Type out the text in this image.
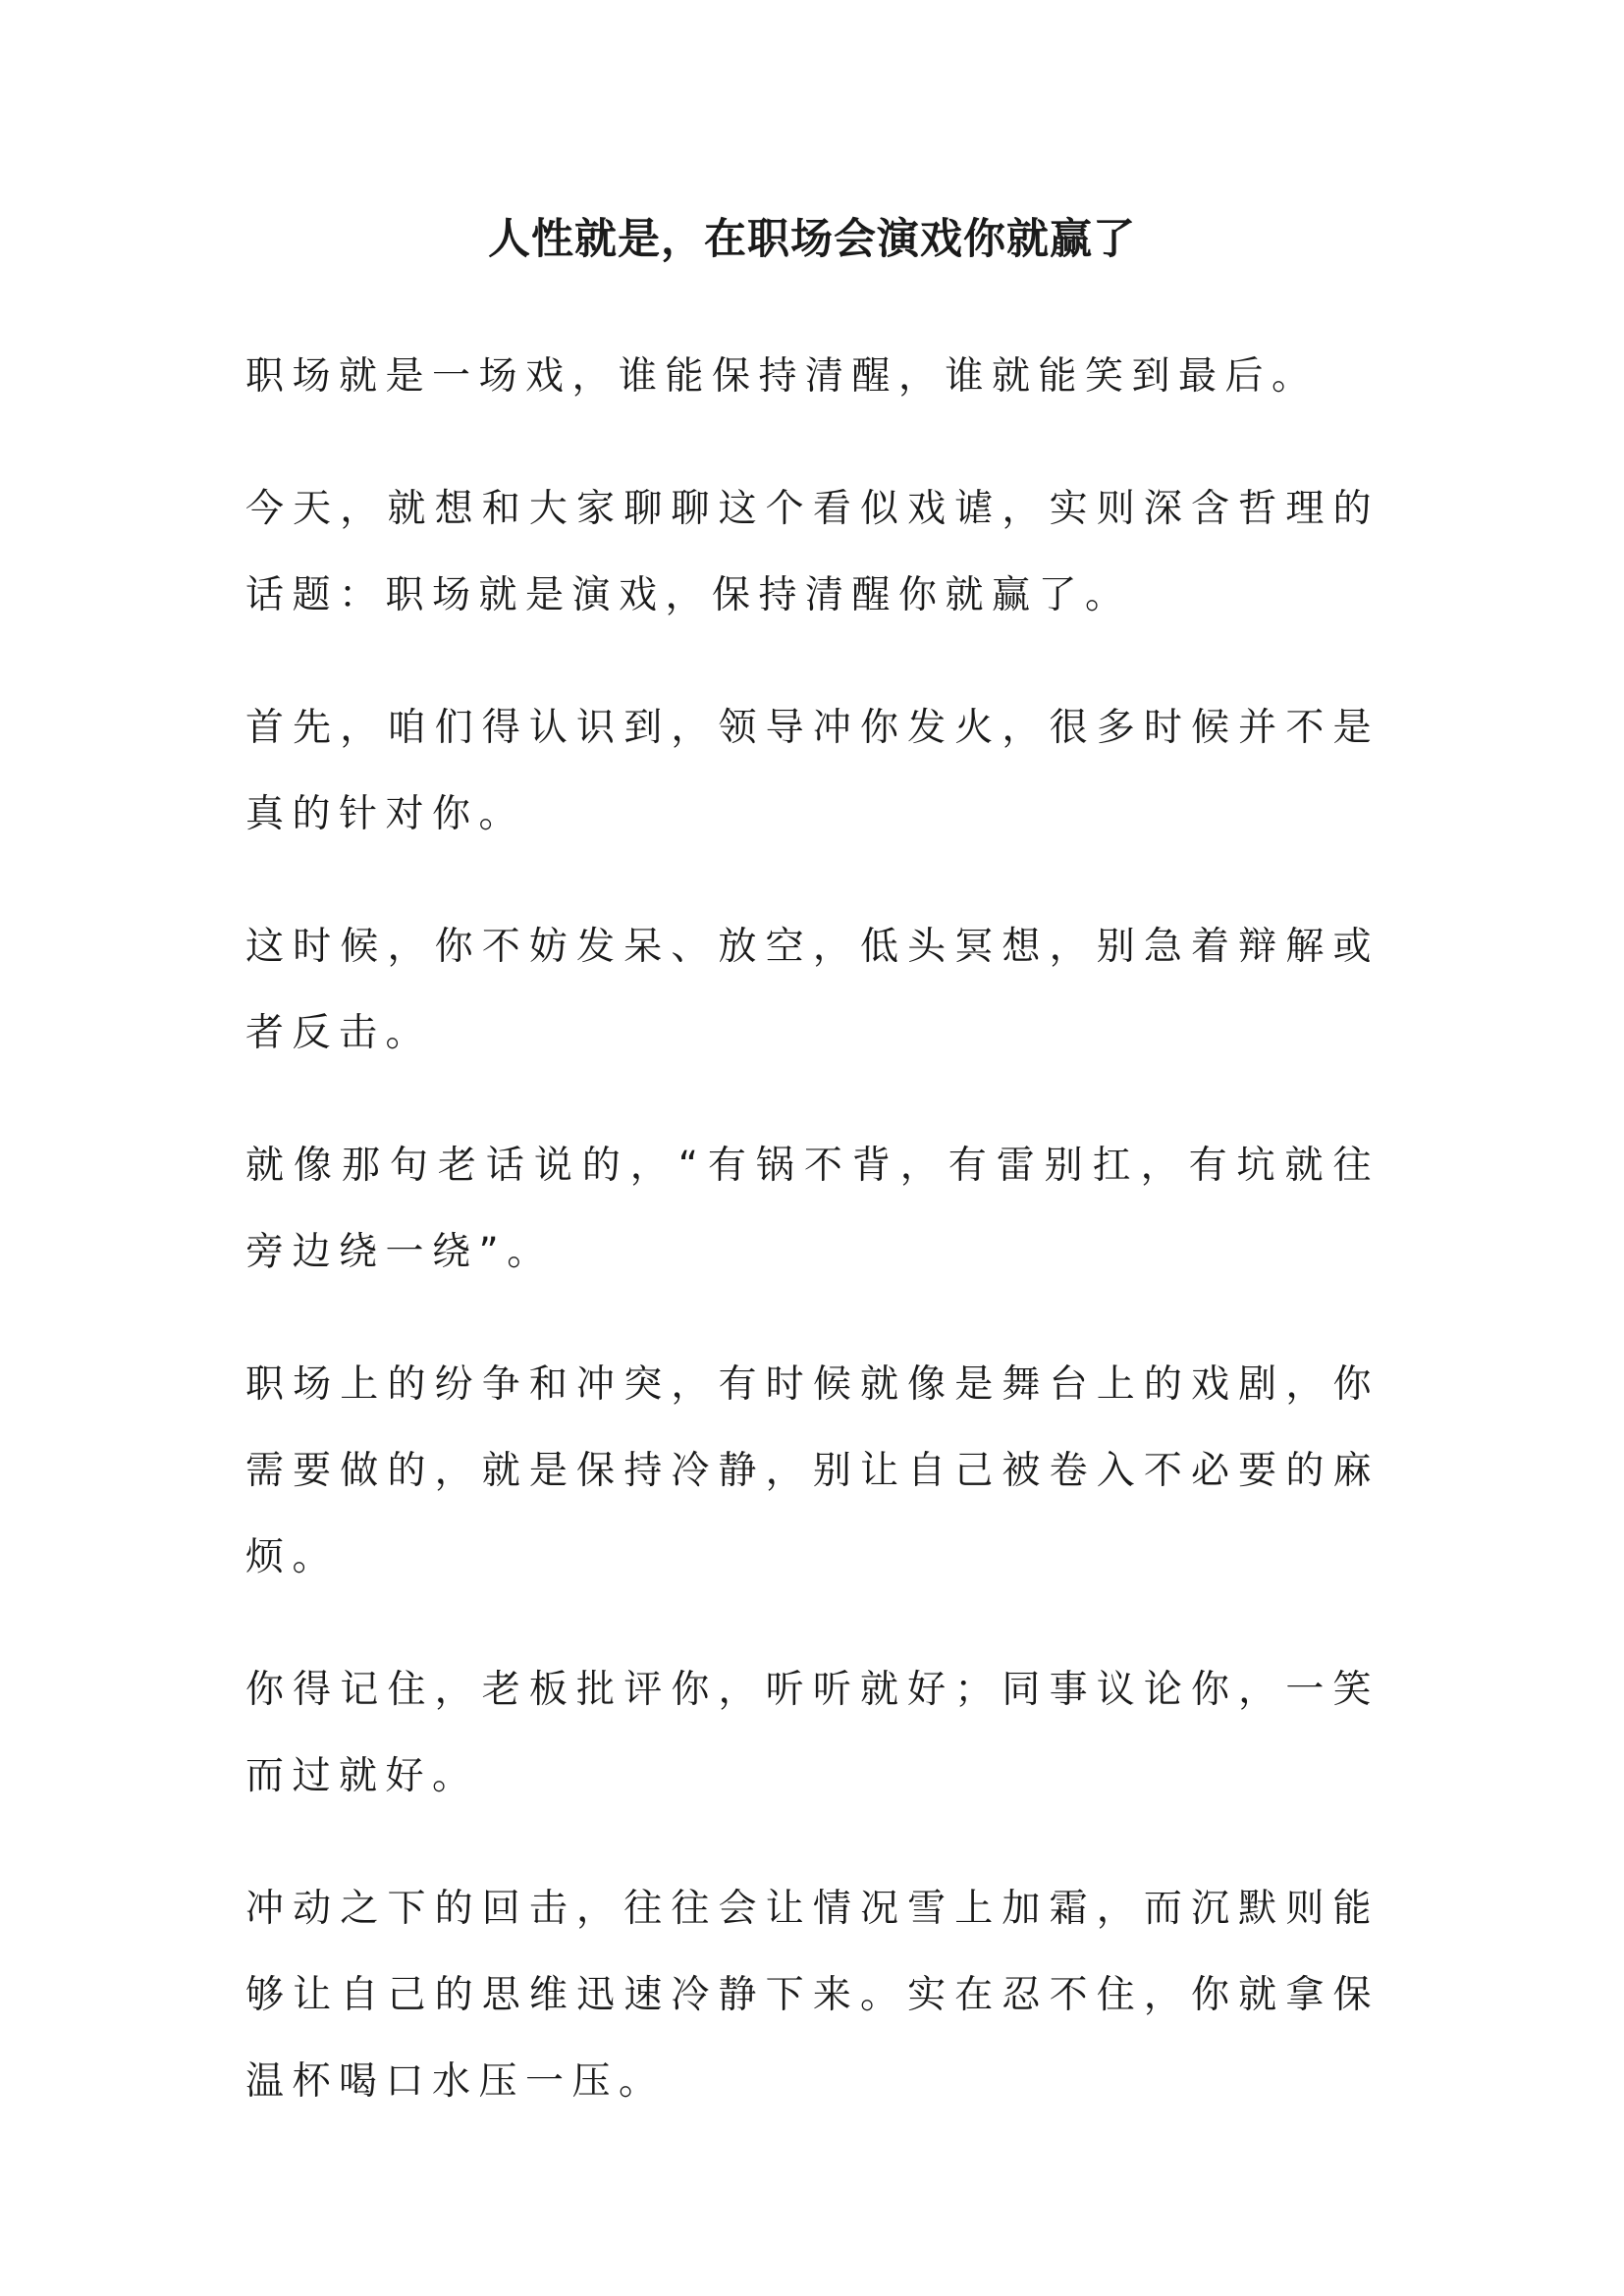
人性就是，在职场会演戏你就赢了

职场就是一场戏，谁能保持清醒，谁就能笑到最后。

今天，就想和大家聊聊这个看似戏谑，实则深含哲理的话题：职场就是演戏，保持清醒你就赢了。

首先，咱们得认识到，领导冲你发火，很多时候并不是真的针对你。

这时候，你不妨发呆、放空，低头冥想，别急着辩解或者反击。

就像那句老话说的，“有锅不背，有雷别扛，有坑就往旁边绕一绕”。

职场上的纷争和冲突，有时候就像是舞台上的戏剧，你需要做的，就是保持冷静，别让自己被卷入不必要的麻烦。

你得记住，老板批评你，听听就好；同事议论你，一笑而过就好。

冲动之下的回击，往往会让情况雪上加霜，而沉默则能够让自己的思维迅速冷静下来。实在忍不住，你就拿保温杯喝口水压一压。
